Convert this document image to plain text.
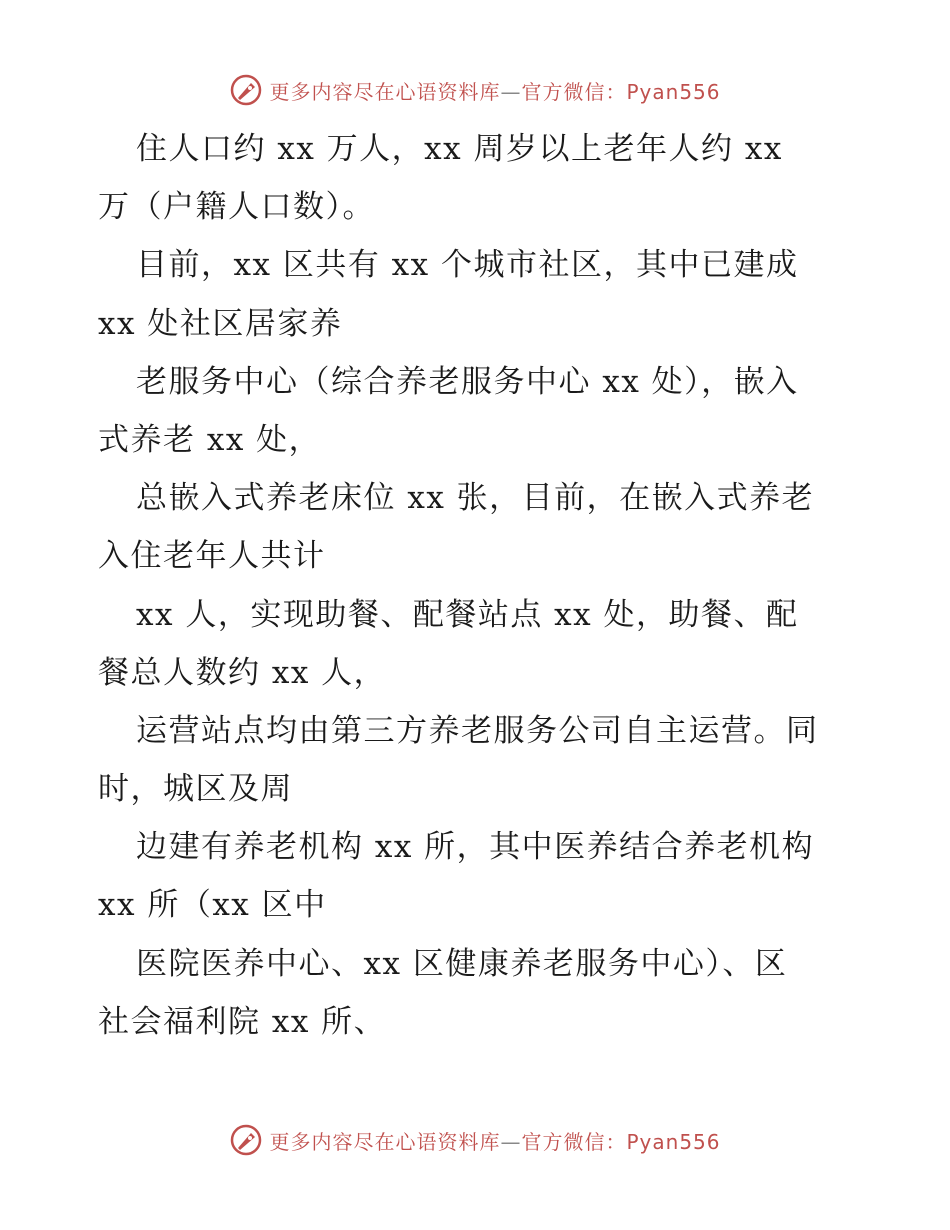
更多内容尽在心语资料库—官方微信：Pyan556
住人口约 xx 万人，xx 周岁以上老年人约 xx
万（户籍人口数）。
目前，xx 区共有 xx 个城市社区，其中已建成
xx 处社区居家养
老服务中心（综合养老服务中心 xx 处），嵌入
式养老 xx 处，
总嵌入式养老床位 xx 张，目前，在嵌入式养老
入住老年人共计
xx 人，实现助餐、配餐站点 xx 处，助餐、配
餐总人数约 xx 人，
运营站点均由第三方养老服务公司自主运营。同
时，城区及周
边建有养老机构 xx 所，其中医养结合养老机构
xx 所（xx 区中
医院医养中心、xx 区健康养老服务中心）、区
社会福利院 xx 所、
更多内容尽在心语资料库—官方微信：Pyan556
